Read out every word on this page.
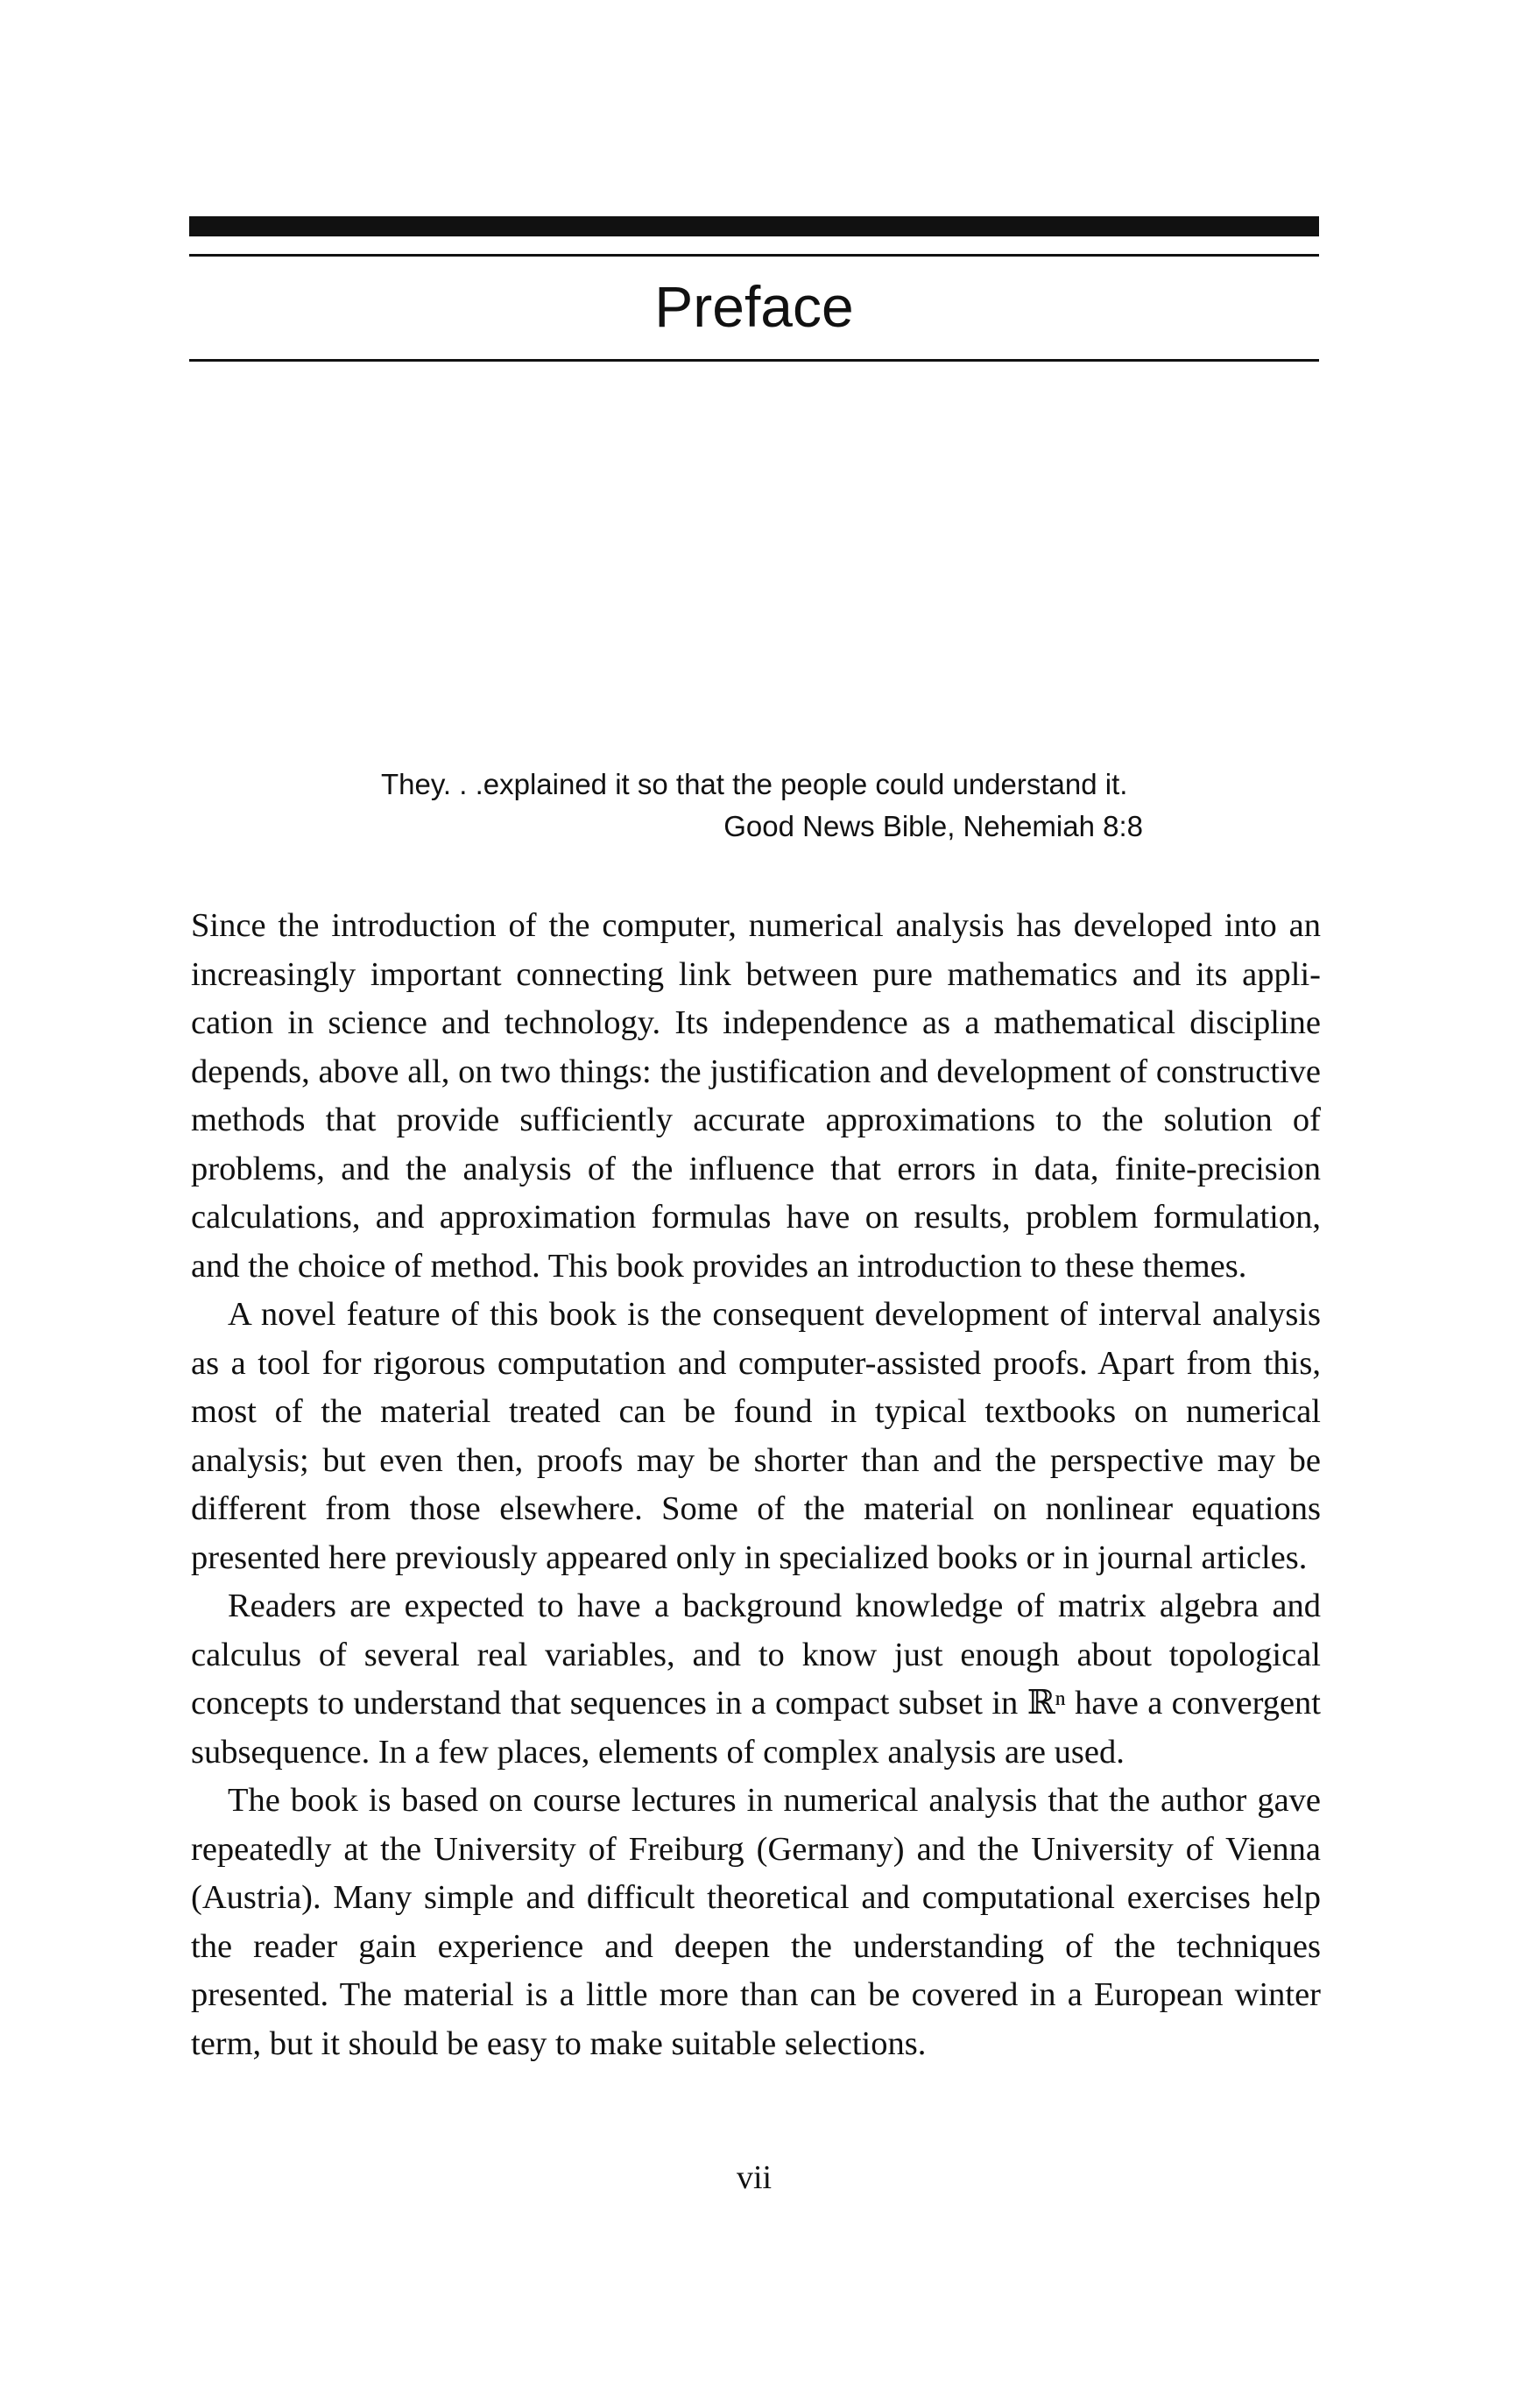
Preface
They. . .explained it so that the people could understand it.
Good News Bible, Nehemiah 8:8

Since the introduction of the computer, numerical analysis has developed into an increasingly important connecting link between pure mathematics and its application in science and technology. Its independence as a mathematical discipline depends, above all, on two things: the justification and development of constructive methods that provide sufficiently accurate approximations to the solution of problems, and the analysis of the influence that errors in data, finite-precision calculations, and approximation formulas have on results, problem formulation, and the choice of method. This book provides an introduction to these themes.

A novel feature of this book is the consequent development of interval analysis as a tool for rigorous computation and computer-assisted proofs. Apart from this, most of the material treated can be found in typical textbooks on numerical analysis; but even then, proofs may be shorter than and the perspective may be different from those elsewhere. Some of the material on nonlinear equations presented here previously appeared only in specialized books or in journal articles.

Readers are expected to have a background knowledge of matrix algebra and calculus of several real variables, and to know just enough about topological concepts to understand that sequences in a compact subset in ℝⁿ have a convergent subsequence. In a few places, elements of complex analysis are used.

The book is based on course lectures in numerical analysis that the author gave repeatedly at the University of Freiburg (Germany) and the University of Vienna (Austria). Many simple and difficult theoretical and computational exercises help the reader gain experience and deepen the understanding of the techniques presented. The material is a little more than can be covered in a European winter term, but it should be easy to make suitable selections.

vii
